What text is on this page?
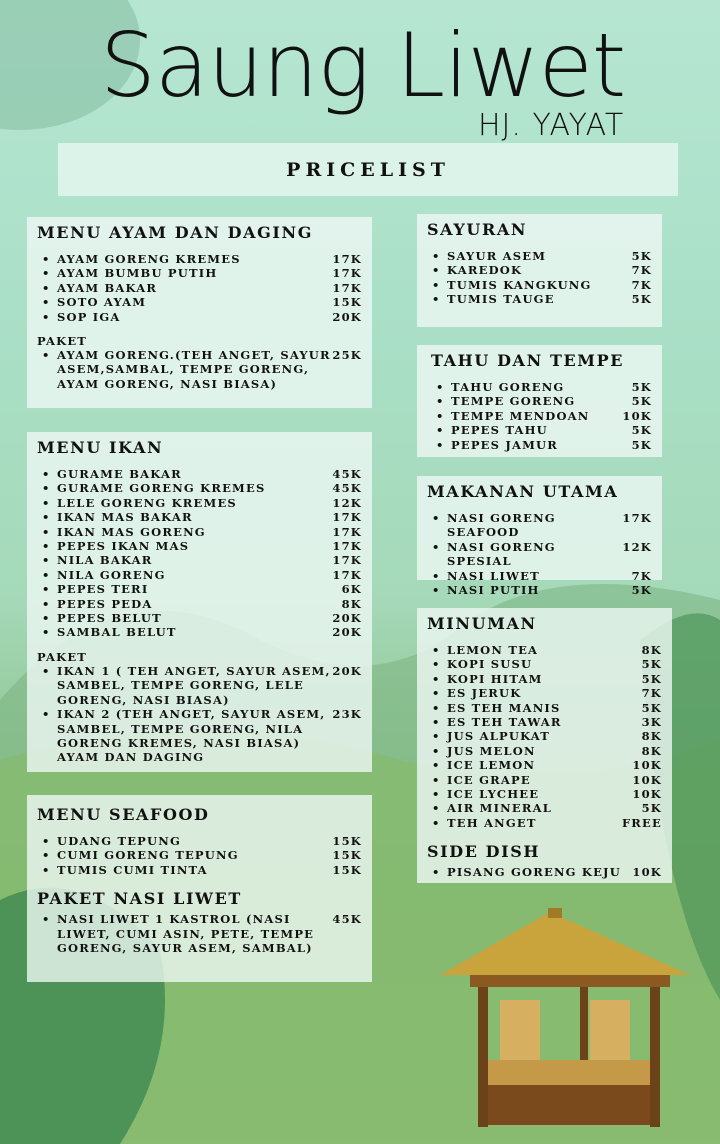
Saung Liwet
HJ. YAYAT
PRICELIST
MENU AYAM DAN DAGING
• AYAM GORENG KREMES	17K
• AYAM BUMBU PUTIH	17K
• AYAM BAKAR	17K
• SOTO AYAM	15K
• SOP IGA	20K
PAKET
• AYAM GORENG.(TEH ANGET, SAYUR ASEM,SAMBAL, TEMPE GORENG, AYAM GORENG, NASI BIASA)
25K
MENU IKAN
• GURAME BAKAR	45K
• GURAME GORENG KREMES	45K
• LELE GORENG KREMES	12K
• IKAN MAS BAKAR	17K
• IKAN MAS GORENG	17K
• PEPES IKAN MAS	17K
• NILA BAKAR	17K
• NILA GORENG	17K
• PEPES TERI	6K
• PEPES PEDA	8K
• PEPES BELUT	20K
• SAMBAL BELUT	20K
PAKET
• IKAN 1 ( TEH ANGET, SAYUR ASEM, SAMBEL, TEMPE GORENG, LELE GORENG, NASI BIASA)
20K
• IKAN 2 (TEH ANGET, SAYUR ASEM, SAMBEL, TEMPE GORENG, NILA GORENG KREMES, NASI BIASA) AYAM DAN DAGING
23K
MENU SEAFOOD
• UDANG TEPUNG	15K
• CUMI GORENG TEPUNG	15K
• TUMIS CUMI TINTA	15K
PAKET NASI LIWET
• NASI LIWET 1 KASTROL (NASI LIWET, CUMI ASIN, PETE, TEMPE GORENG, SAYUR ASEM, SAMBAL)
45K
SAYURAN
• SAYUR ASEM	5K
• KAREDOK	7K
• TUMIS KANGKUNG	7K
• TUMIS TAUGE	5K
TAHU DAN TEMPE
• TAHU GORENG	5K
• TEMPE GORENG	5K
• TEMPE MENDOAN	10K
• PEPES TAHU	5K
• PEPES JAMUR	5K
MAKANAN UTAMA
• NASI GORENG SEAFOOD
17K
• NASI GORENG SPESIAL
12K
• NASI LIWET	7K
• NASI PUTIH	5K
MINUMAN
• LEMON TEA	8K
• KOPI SUSU	5K
• KOPI HITAM	5K
• ES JERUK	7K
• ES TEH MANIS	5K
• ES TEH TAWAR	3K
• JUS ALPUKAT	8K
• JUS MELON	8K
• ICE LEMON	10K
• ICE GRAPE	10K
• ICE LYCHEE	10K
• AIR MINERAL	5K
• TEH ANGET	FREE
SIDE DISH
• PISANG GORENG KEJU 10K
